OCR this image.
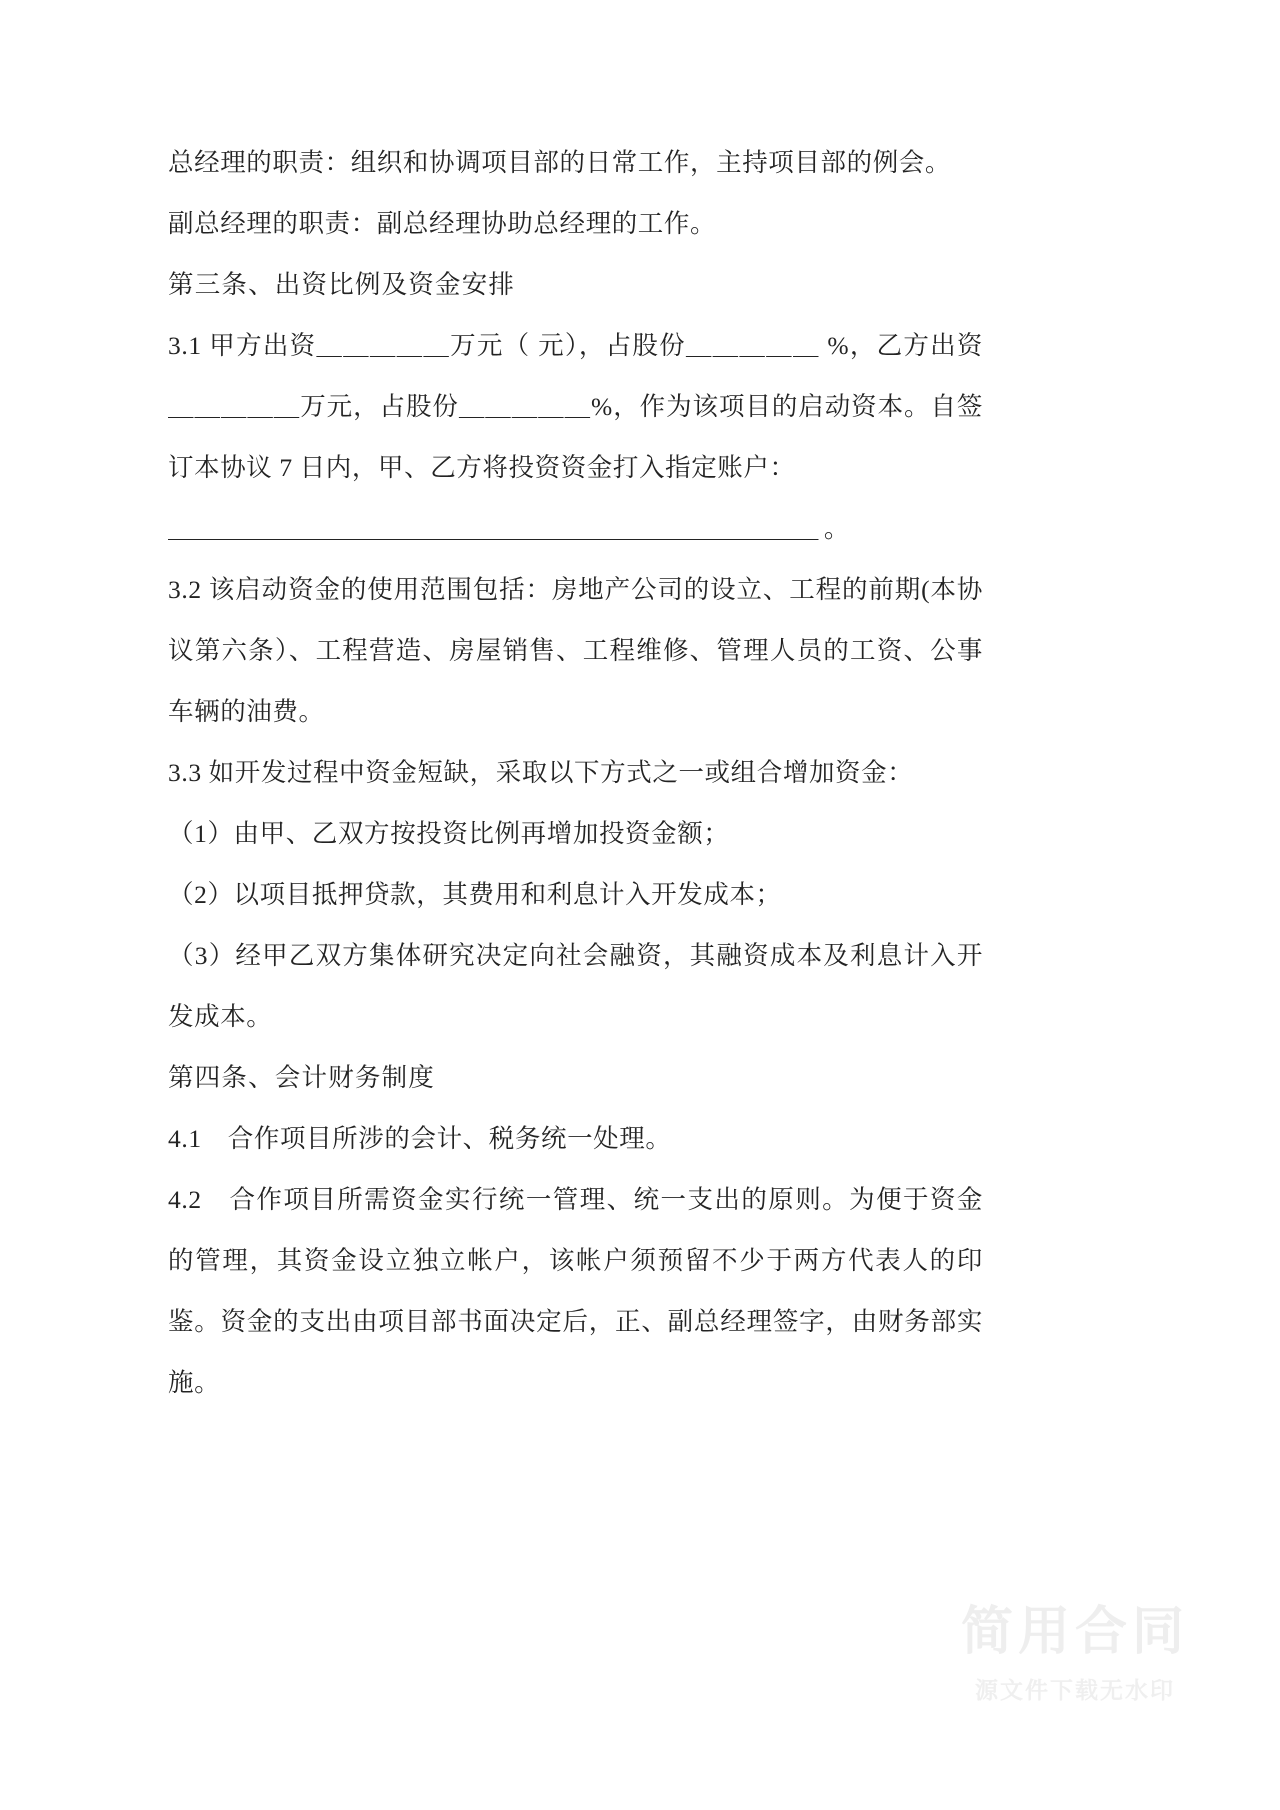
总经理的职责：组织和协调项目部的日常工作，主持项目部的例会。

副总经理的职责：副总经理协助总经理的工作。

第三条、出资比例及资金安排

3.1 甲方出资＿＿＿＿＿万元（ 元），占股份＿＿＿＿＿ %，乙方出资＿＿＿＿＿万元，占股份＿＿＿＿＿%，作为该项目的启动资本。自签订本协议 7 日内，甲、乙方将投资资金打入指定账户：

＿＿＿＿＿＿＿＿＿＿＿＿＿＿＿＿＿＿＿＿＿＿＿＿＿＿ 。

3.2 该启动资金的使用范围包括：房地产公司的设立、工程的前期(本协议第六条）、工程营造、房屋销售、工程维修、管理人员的工资、公事车辆的油费。

3.3 如开发过程中资金短缺，采取以下方式之一或组合增加资金：

（1）由甲、乙双方按投资比例再增加投资金额；

（2）以项目抵押贷款，其费用和利息计入开发成本；

（3）经甲乙双方集体研究决定向社会融资，其融资成本及利息计入开发成本。

第四条、会计财务制度

4.1　合作项目所涉的会计、税务统一处理。

4.2　合作项目所需资金实行统一管理、统一支出的原则。为便于资金的管理，其资金设立独立帐户，该帐户须预留不少于两方代表人的印鉴。资金的支出由项目部书面决定后，正、副总经理签字，由财务部实施。

简用合同
源文件下载无水印
